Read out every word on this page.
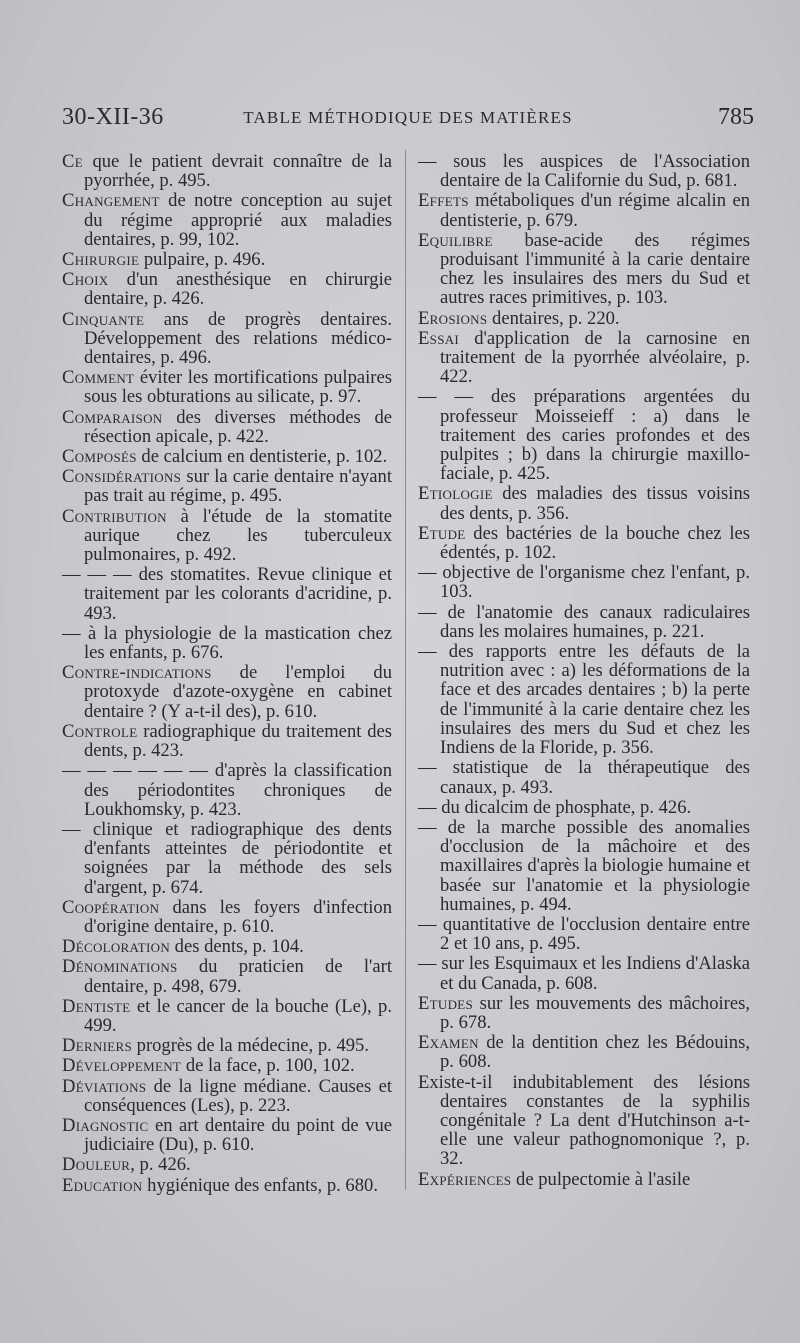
30-XII-36	TABLE MÉTHODIQUE DES MATIÈRES	785

Ce que le patient devrait connaître de la pyorrhée, p. 495.

Changement de notre conception au sujet du régime approprié aux maladies dentaires, p. 99, 102.

Chirurgie pulpaire, p. 496.

Choix d'un anesthésique en chirurgie dentaire, p. 426.

Cinquante ans de progrès dentaires. Développement des relations médico-dentaires, p. 496.

Comment éviter les mortifications pulpaires sous les obturations au silicate, p. 97.

Comparaison des diverses méthodes de résection apicale, p. 422.

Composés de calcium en dentisterie, p. 102.

Considérations sur la carie dentaire n'ayant pas trait au régime, p. 495.

Contribution à l'étude de la stomatite aurique chez les tuberculeux pulmonaires, p. 492.

— — — des stomatites. Revue clinique et traitement par les colorants d'acridine, p. 493.

— à la physiologie de la mastication chez les enfants, p. 676.

Contre-indications de l'emploi du protoxyde d'azote-oxygène en cabinet dentaire ? (Y a-t-il des), p. 610.

Controle radiographique du traitement des dents, p. 423.

— — — — — — d'après la classification des périodontites chroniques de Loukhomsky, p. 423.

— clinique et radiographique des dents d'enfants atteintes de périodontite et soignées par la méthode des sels d'argent, p. 674.

Coopération dans les foyers d'infection d'origine dentaire, p. 610.

Décoloration des dents, p. 104.

Dénominations du praticien de l'art dentaire, p. 498, 679.

Dentiste et le cancer de la bouche (Le), p. 499.

Derniers progrès de la médecine, p. 495.

Développement de la face, p. 100, 102.

Déviations de la ligne médiane. Causes et conséquences (Les), p. 223.

Diagnostic en art dentaire du point de vue judiciaire (Du), p. 610.

Douleur, p. 426.

Education hygiénique des enfants, p. 680.

— sous les auspices de l'Association dentaire de la Californie du Sud, p. 681.

Effets métaboliques d'un régime alcalin en dentisterie, p. 679.

Equilibre base-acide des régimes produisant l'immunité à la carie dentaire chez les insulaires des mers du Sud et autres races primitives, p. 103.

Erosions dentaires, p. 220.

Essai d'application de la carnosine en traitement de la pyorrhée alvéolaire, p. 422.

— — des préparations argentées du professeur Moisseieff : a) dans le traitement des caries profondes et des pulpites ; b) dans la chirurgie maxillo-faciale, p. 425.

Etiologie des maladies des tissus voisins des dents, p. 356.

Etude des bactéries de la bouche chez les édentés, p. 102.

— objective de l'organisme chez l'enfant, p. 103.

— de l'anatomie des canaux radiculaires dans les molaires humaines, p. 221.

— des rapports entre les défauts de la nutrition avec : a) les déformations de la face et des arcades dentaires ; b) la perte de l'immunité à la carie dentaire chez les insulaires des mers du Sud et chez les Indiens de la Floride, p. 356.

— statistique de la thérapeutique des canaux, p. 493.

— du dicalcim de phosphate, p. 426.

— de la marche possible des anomalies d'occlusion de la mâchoire et des maxillaires d'après la biologie humaine et basée sur l'anatomie et la physiologie humaines, p. 494.

— quantitative de l'occlusion dentaire entre 2 et 10 ans, p. 495.

— sur les Esquimaux et les Indiens d'Alaska et du Canada, p. 608.

Etudes sur les mouvements des mâchoires, p. 678.

Examen de la dentition chez les Bédouins, p. 608.

Existe-t-il indubitablement des lésions dentaires constantes de la syphilis congénitale ? La dent d'Hutchinson a-t-elle une valeur pathognomonique ?, p. 32.

Expériences de pulpectomie à l'asile
